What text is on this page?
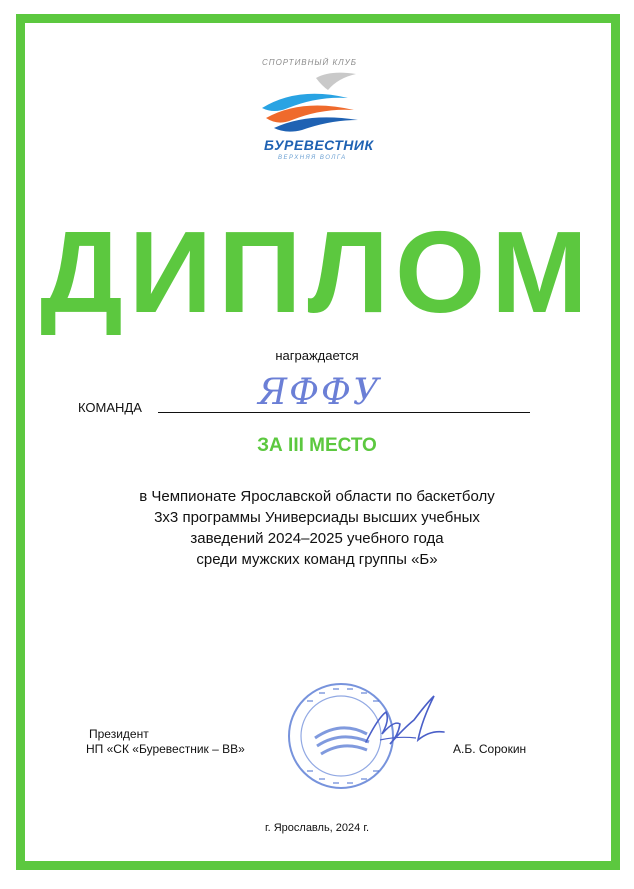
СПОРТИВНЫЙ КЛУБ
БУРЕВЕСТНИК
ВЕРХНЯЯ ВОЛГА
ДИПЛОМ
награждается
КОМАНДА	ЯФФУ
ЗА III МЕСТО
в Чемпионате Ярославской области по баскетболу
3х3 программы Универсиады высших учебных
заведений 2024–2025 учебного года
среди мужских команд группы «Б»
Президент
НП «СК «Буревестник – ВВ»	А.Б. Сорокин
г. Ярославль, 2024 г.
